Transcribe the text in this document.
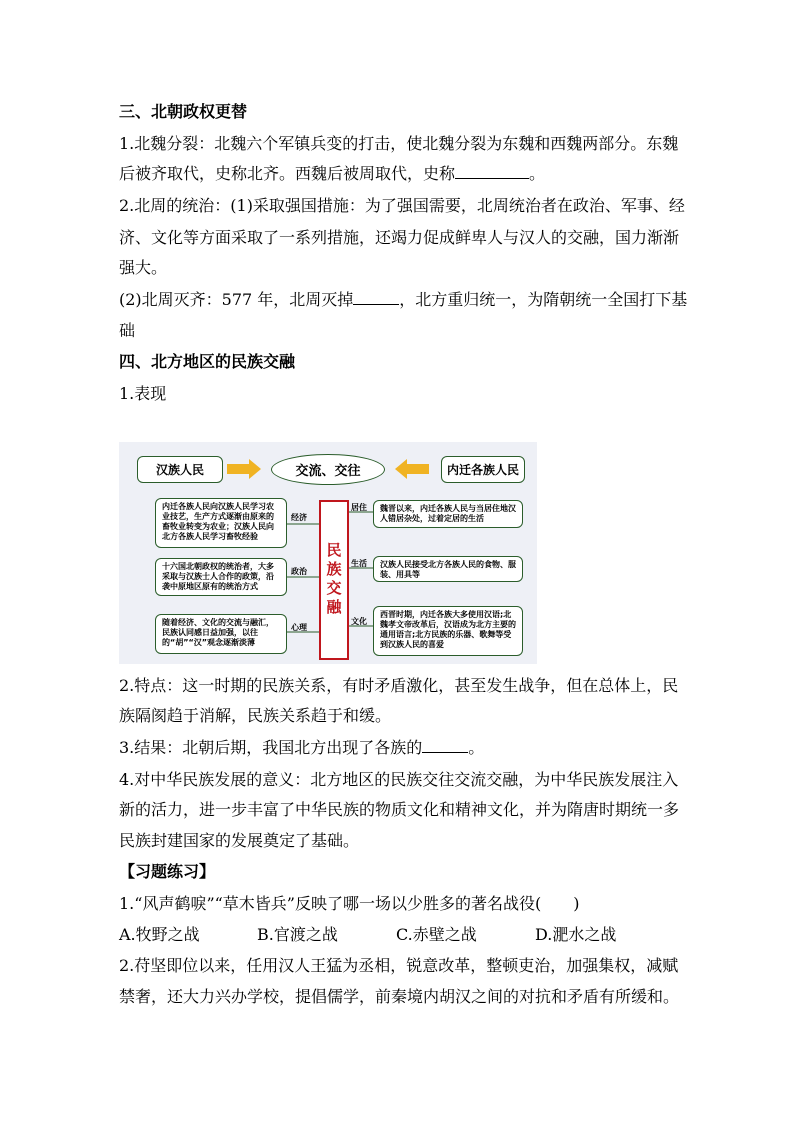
三、北朝政权更替
1.北魏分裂：北魏六个军镇兵变的打击，使北魏分裂为东魏和西魏两部分。东魏
后被齐取代，史称北齐。西魏后被周取代，史称	。
2.北周的统治：(1)采取强国措施：为了强国需要，北周统治者在政治、军事、经
济、文化等方面采取了一系列措施，还竭力促成鲜卑人与汉人的交融，国力渐渐
强大。
(2)北周灭齐：577 年，北周灭掉	，北方重归统一，为隋朝统一全国打下基
础
四、北方地区的民族交融
1.表现
汉族人民	交流、交往	内迁各族人民
内迁各族人民向汉族人民学习农业技艺，生产方式逐渐由原来的畜牧业转变为农业；汉族人民向北方各族人民学习畜牧经验
十六国北朝政权的统治者，大多采取与汉族士人合作的政策，沿袭中原地区原有的统治方式
随着经济、文化的交流与融汇，民族认同感日益加强，以往的“胡”“汉”观念逐渐淡薄
经济
政治
心理
民族交融
居住
生活
文化
魏晋以来，内迁各族人民与当居住地汉人错居杂处，过着定居的生活
汉族人民接受北方各族人民的食物、服装、用具等
西晋时期，内迁各族大多使用汉语;北魏孝文帝改革后，汉语成为北方主要的通用语言;北方民族的乐器、歌舞等受到汉族人民的喜爱
2.特点：这一时期的民族关系，有时矛盾激化，甚至发生战争，但在总体上，民
族隔阂趋于消解，民族关系趋于和缓。
3.结果：北朝后期，我国北方出现了各族的	。
4.对中华民族发展的意义：北方地区的民族交往交流交融，为中华民族发展注入
新的活力，进一步丰富了中华民族的物质文化和精神文化，并为隋唐时期统一多
民族封建国家的发展奠定了基础。
【习题练习】
1.“风声鹤唳”“草木皆兵”反映了哪一场以少胜多的著名战役(　　)
A.牧野之战	B.官渡之战	C.赤壁之战	D.淝水之战
2.苻坚即位以来，任用汉人王猛为丞相，锐意改革，整顿吏治，加强集权，减赋
禁奢，还大力兴办学校，提倡儒学，前秦境内胡汉之间的对抗和矛盾有所缓和。
